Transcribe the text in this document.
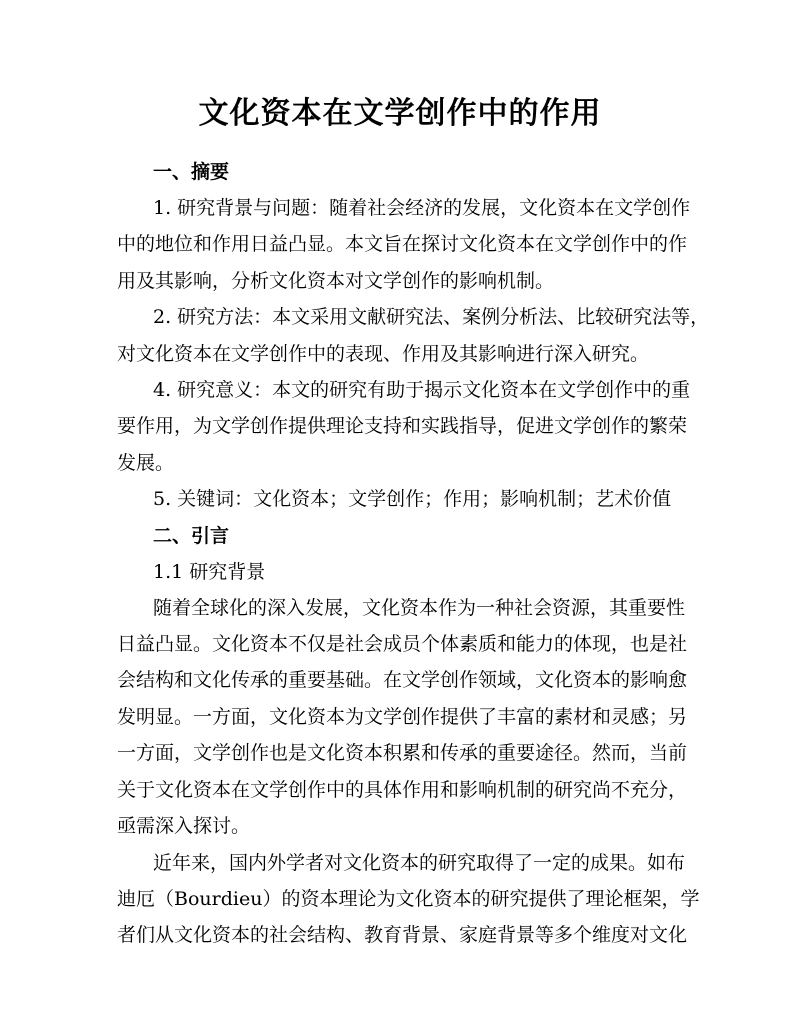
文化资本在文学创作中的作用
一、摘要
1. 研究背景与问题：随着社会经济的发展，文化资本在文学创作
中的地位和作用日益凸显。本文旨在探讨文化资本在文学创作中的作
用及其影响，分析文化资本对文学创作的影响机制。
2. 研究方法：本文采用文献研究法、案例分析法、比较研究法等，
对文化资本在文学创作中的表现、作用及其影响进行深入研究。
4. 研究意义：本文的研究有助于揭示文化资本在文学创作中的重
要作用，为文学创作提供理论支持和实践指导，促进文学创作的繁荣
发展。
5. 关键词：文化资本；文学创作；作用；影响机制；艺术价值
二、引言
1.1 研究背景
随着全球化的深入发展，文化资本作为一种社会资源，其重要性
日益凸显。文化资本不仅是社会成员个体素质和能力的体现，也是社
会结构和文化传承的重要基础。在文学创作领域，文化资本的影响愈
发明显。一方面，文化资本为文学创作提供了丰富的素材和灵感；另
一方面，文学创作也是文化资本积累和传承的重要途径。然而，当前
关于文化资本在文学创作中的具体作用和影响机制的研究尚不充分，
亟需深入探讨。
近年来，国内外学者对文化资本的研究取得了一定的成果。如布
迪厄（Bourdieu）的资本理论为文化资本的研究提供了理论框架，学
者们从文化资本的社会结构、教育背景、家庭背景等多个维度对文化
